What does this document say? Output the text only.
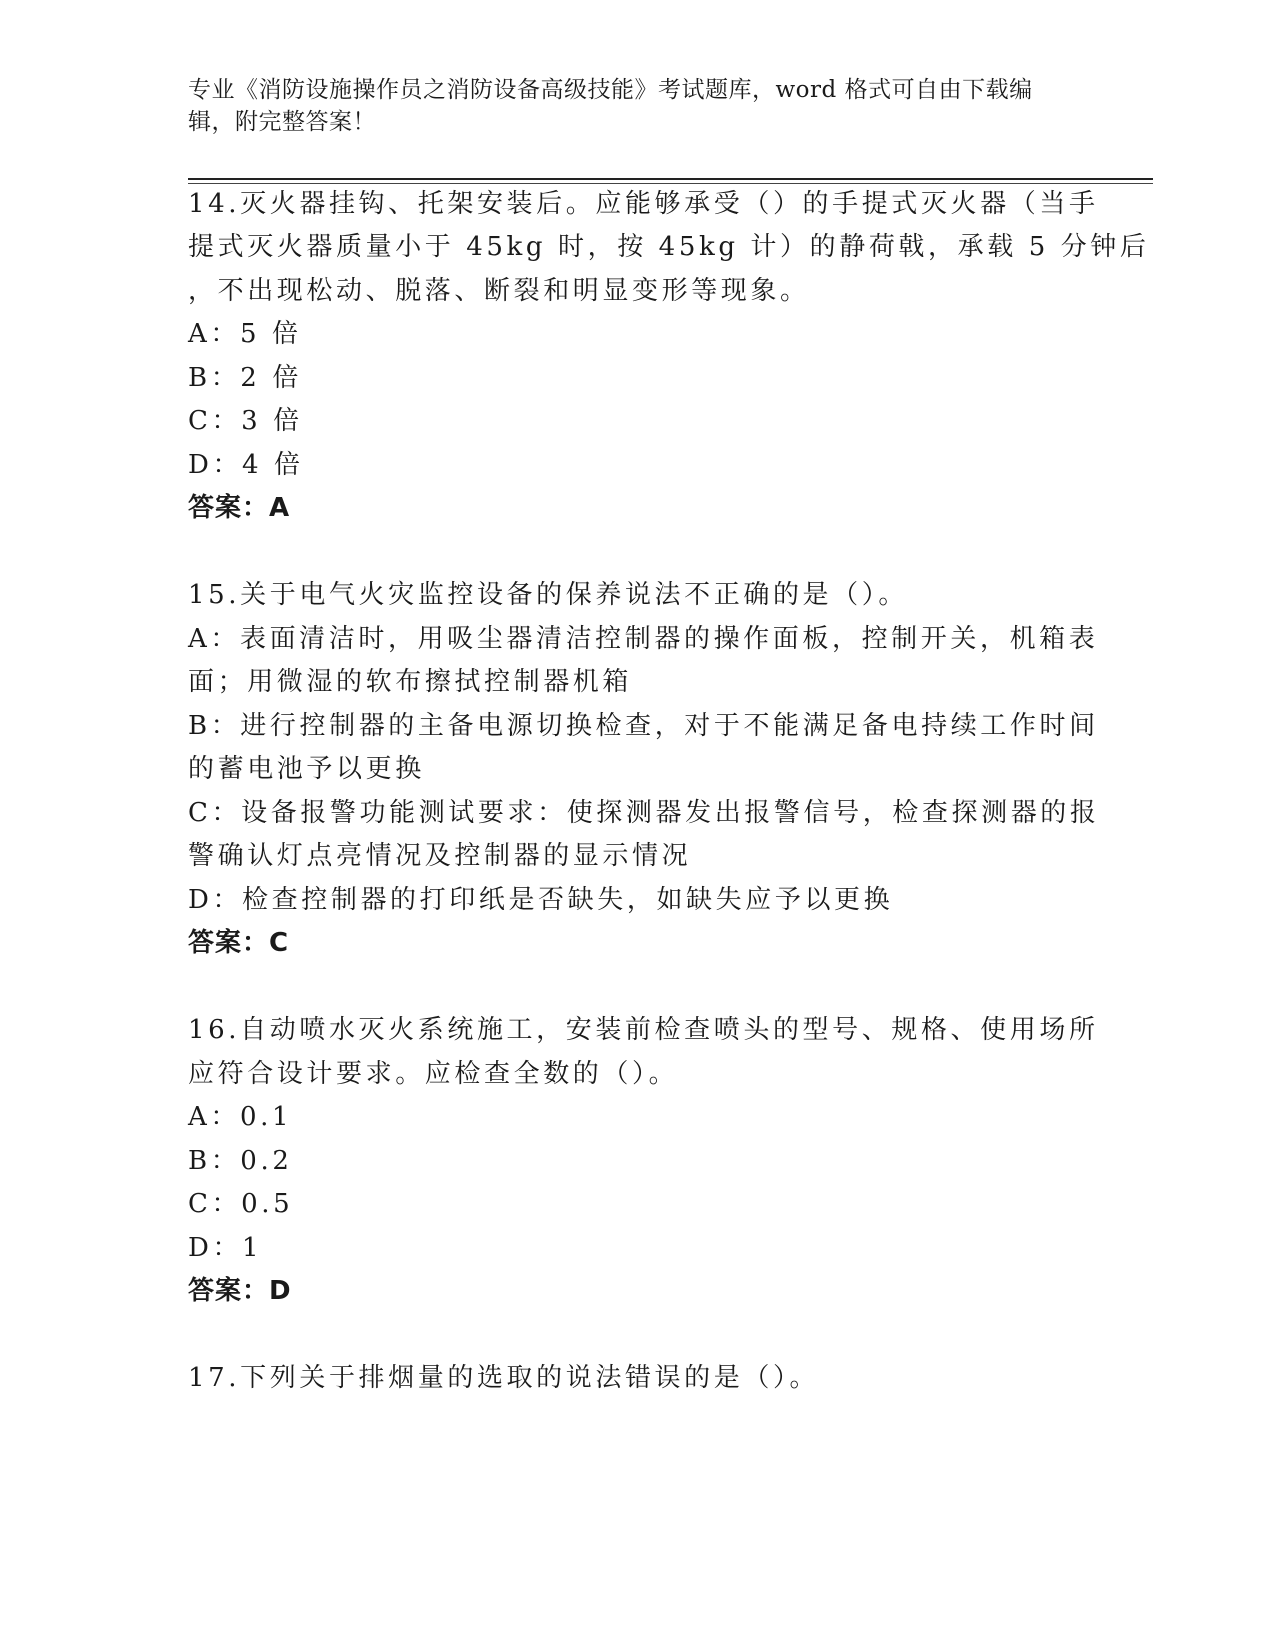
专业《消防设施操作员之消防设备高级技能》考试题库，word 格式可自由下载编
辑，附完整答案！
14.灭火器挂钩、托架安装后。应能够承受（）的手提式灭火器（当手
提式灭火器质量小于 45kg 时，按 45kg 计）的静荷戟，承载 5 分钟后
，不出现松动、脱落、断裂和明显变形等现象。
A：5 倍
B：2 倍
C：3 倍
D：4 倍
答案：A
15.关于电气火灾监控设备的保养说法不正确的是（）。
A：表面清洁时，用吸尘器清洁控制器的操作面板，控制开关，机箱表
面；用微湿的软布擦拭控制器机箱
B：进行控制器的主备电源切换检查，对于不能满足备电持续工作时间
的蓄电池予以更换
C：设备报警功能测试要求：使探测器发出报警信号，检查探测器的报
警确认灯点亮情况及控制器的显示情况
D：检查控制器的打印纸是否缺失，如缺失应予以更换
答案：C
16.自动喷水灭火系统施工，安装前检查喷头的型号、规格、使用场所
应符合设计要求。应检查全数的（）。
A：0.1
B：0.2
C：0.5
D：1
答案：D
17.下列关于排烟量的选取的说法错误的是（）。
